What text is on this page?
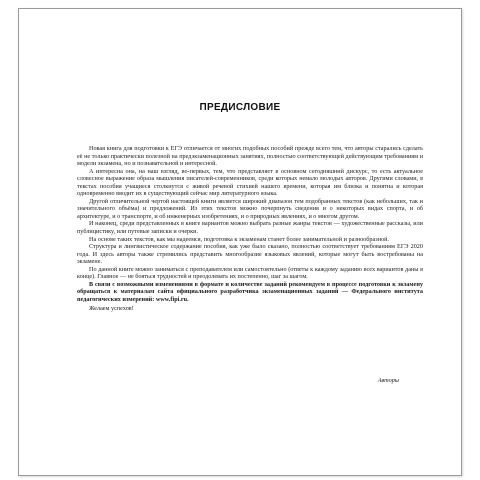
ПРЕДИСЛОВИЕ

Новая книга для подготовки к ЕГЭ отличается от многих подобных пособий прежде всего тем, что авторы старались сделать её не только практически полезной на предэкзаменационных занятиях, полностью соответствующей действующим требованиям и модели экзамена, но и познавательной и интересной.

А интересна она, на наш взгляд, во-первых, тем, что представляет в основном сегодняшний дискурс, то есть актуальное словесное выражение образа мышления писателей-современников, среди которых немало молодых авторов. Другими словами, в текстах пособия учащиеся столкнутся с живой речевой стихией нашего времени, которая им близка и понятна и которая одновременно вводит их в существующий сейчас мир литературного языка.

Другой отличительной чертой настоящей книги является широкий диапазон тем подобранных текстов (как небольших, так и значительного объёма) и предложений. Из этих текстов можно почерпнуть сведения и о некоторых видах спорта, и об архитектуре, и о транспорте, и об инженерных изобретениях, и о природных явлениях, и о многом другом.

И наконец, среди представленных в книге вариантов можно выбрать разные жанры текстов — художественные рассказы, или публицистику, или путевые записки и очерки.

На основе таких текстов, как мы надеемся, подготовка к экзаменам станет более занимательной и разнообразной.

Структура и лингвистическое содержание пособия, как уже было сказано, полностью соответствует требованиям ЕГЭ 2020 года. И здесь авторы также стремились представить многообразие языковых явлений, которые могут быть востребованы на экзамене.

По данной книге можно заниматься с преподавателем или самостоятельно (ответы к каждому заданию всех вариантов даны в конце). Главное — не бояться трудностей и преодолевать их постепенно, шаг за шагом.

В связи с возможными изменениями в формате и количестве заданий рекомендуем в процессе подготовки к экзамену обращаться к материалам сайта официального разработчика экзаменационных заданий — Федерального института педагогических измерений: www.fipi.ru.

Желаем успехов!

Авторы
